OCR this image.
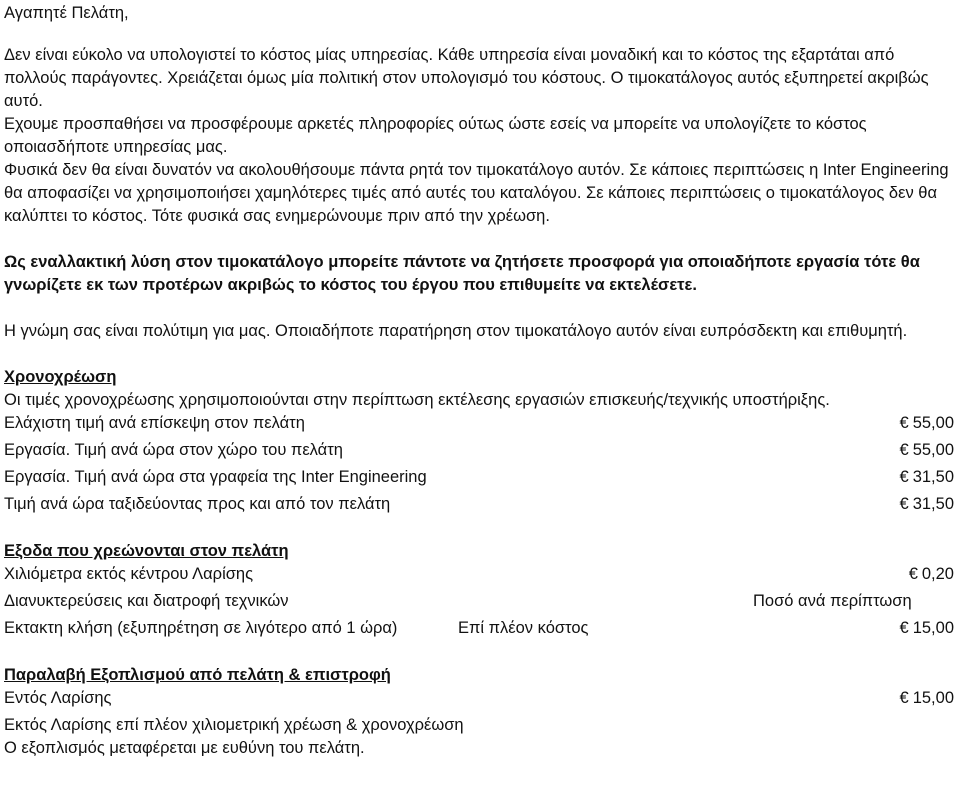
Αγαπητέ Πελάτη,

Δεν είναι εύκολο να υπολογιστεί το κόστος μίας υπηρεσίας. Κάθε υπηρεσία είναι μοναδική και το κόστος της εξαρτάται από πολλούς παράγοντες. Χρειάζεται όμως μία πολιτική στον υπολογισμό του κόστους. Ο τιμοκατάλογος αυτός εξυπηρετεί ακριβώς αυτό.

Εχουμε προσπαθήσει να προσφέρουμε αρκετές πληροφορίες ούτως ώστε εσείς να μπορείτε να υπολογίζετε το κόστος οποιασδήποτε υπηρεσίας μας.

Φυσικά δεν θα είναι δυνατόν να ακολουθήσουμε πάντα ρητά τον τιμοκατάλογο αυτόν. Σε κάποιες περιπτώσεις η Inter Engineering θα αποφασίζει να χρησιμοποιήσει χαμηλότερες τιμές από αυτές του καταλόγου. Σε κάποιες περιπτώσεις ο τιμοκατάλογος δεν θα καλύπτει το κόστος. Τότε φυσικά σας ενημερώνουμε πριν από την χρέωση.

Ως εναλλακτική λύση στον τιμοκατάλογο μπορείτε πάντοτε να ζητήσετε προσφορά για οποιαδήποτε εργασία τότε θα γνωρίζετε εκ των προτέρων ακριβώς το κόστος του έργου που επιθυμείτε να εκτελέσετε.

Η γνώμη σας είναι πολύτιμη για μας. Οποιαδήποτε παρατήρηση στον τιμοκατάλογο αυτόν είναι ευπρόσδεκτη και επιθυμητή.

Χρονοχρέωση

Οι τιμές χρονοχρέωσης χρησιμοποιούνται στην περίπτωση εκτέλεσης εργασιών επισκευής/τεχνικής υποστήριξης.

Ελάχιστη τιμή ανά επίσκεψη στον πελάτη	€ 55,00
Εργασία. Τιμή ανά ώρα στον χώρο του πελάτη	€ 55,00
Εργασία. Τιμή ανά ώρα στα γραφεία της Inter Engineering	€ 31,50
Τιμή ανά ώρα ταξιδεύοντας προς και από τον πελάτη	€ 31,50

Εξοδα που χρεώνονται στον πελάτη

Χιλιόμετρα εκτός κέντρου Λαρίσης	€ 0,20
Διανυκτερεύσεις και διατροφή τεχνικών	Ποσό ανά περίπτωση
Εκτακτη κλήση (εξυπηρέτηση σε λιγότερο από 1 ώρα)	Επί πλέον κόστος	€ 15,00

Παραλαβή Εξοπλισμού από πελάτη & επιστροφή

Εντός Λαρίσης	€ 15,00

Εκτός Λαρίσης επί πλέον χιλιομετρική χρέωση & χρονοχρέωση

Ο εξοπλισμός μεταφέρεται με ευθύνη του πελάτη.
